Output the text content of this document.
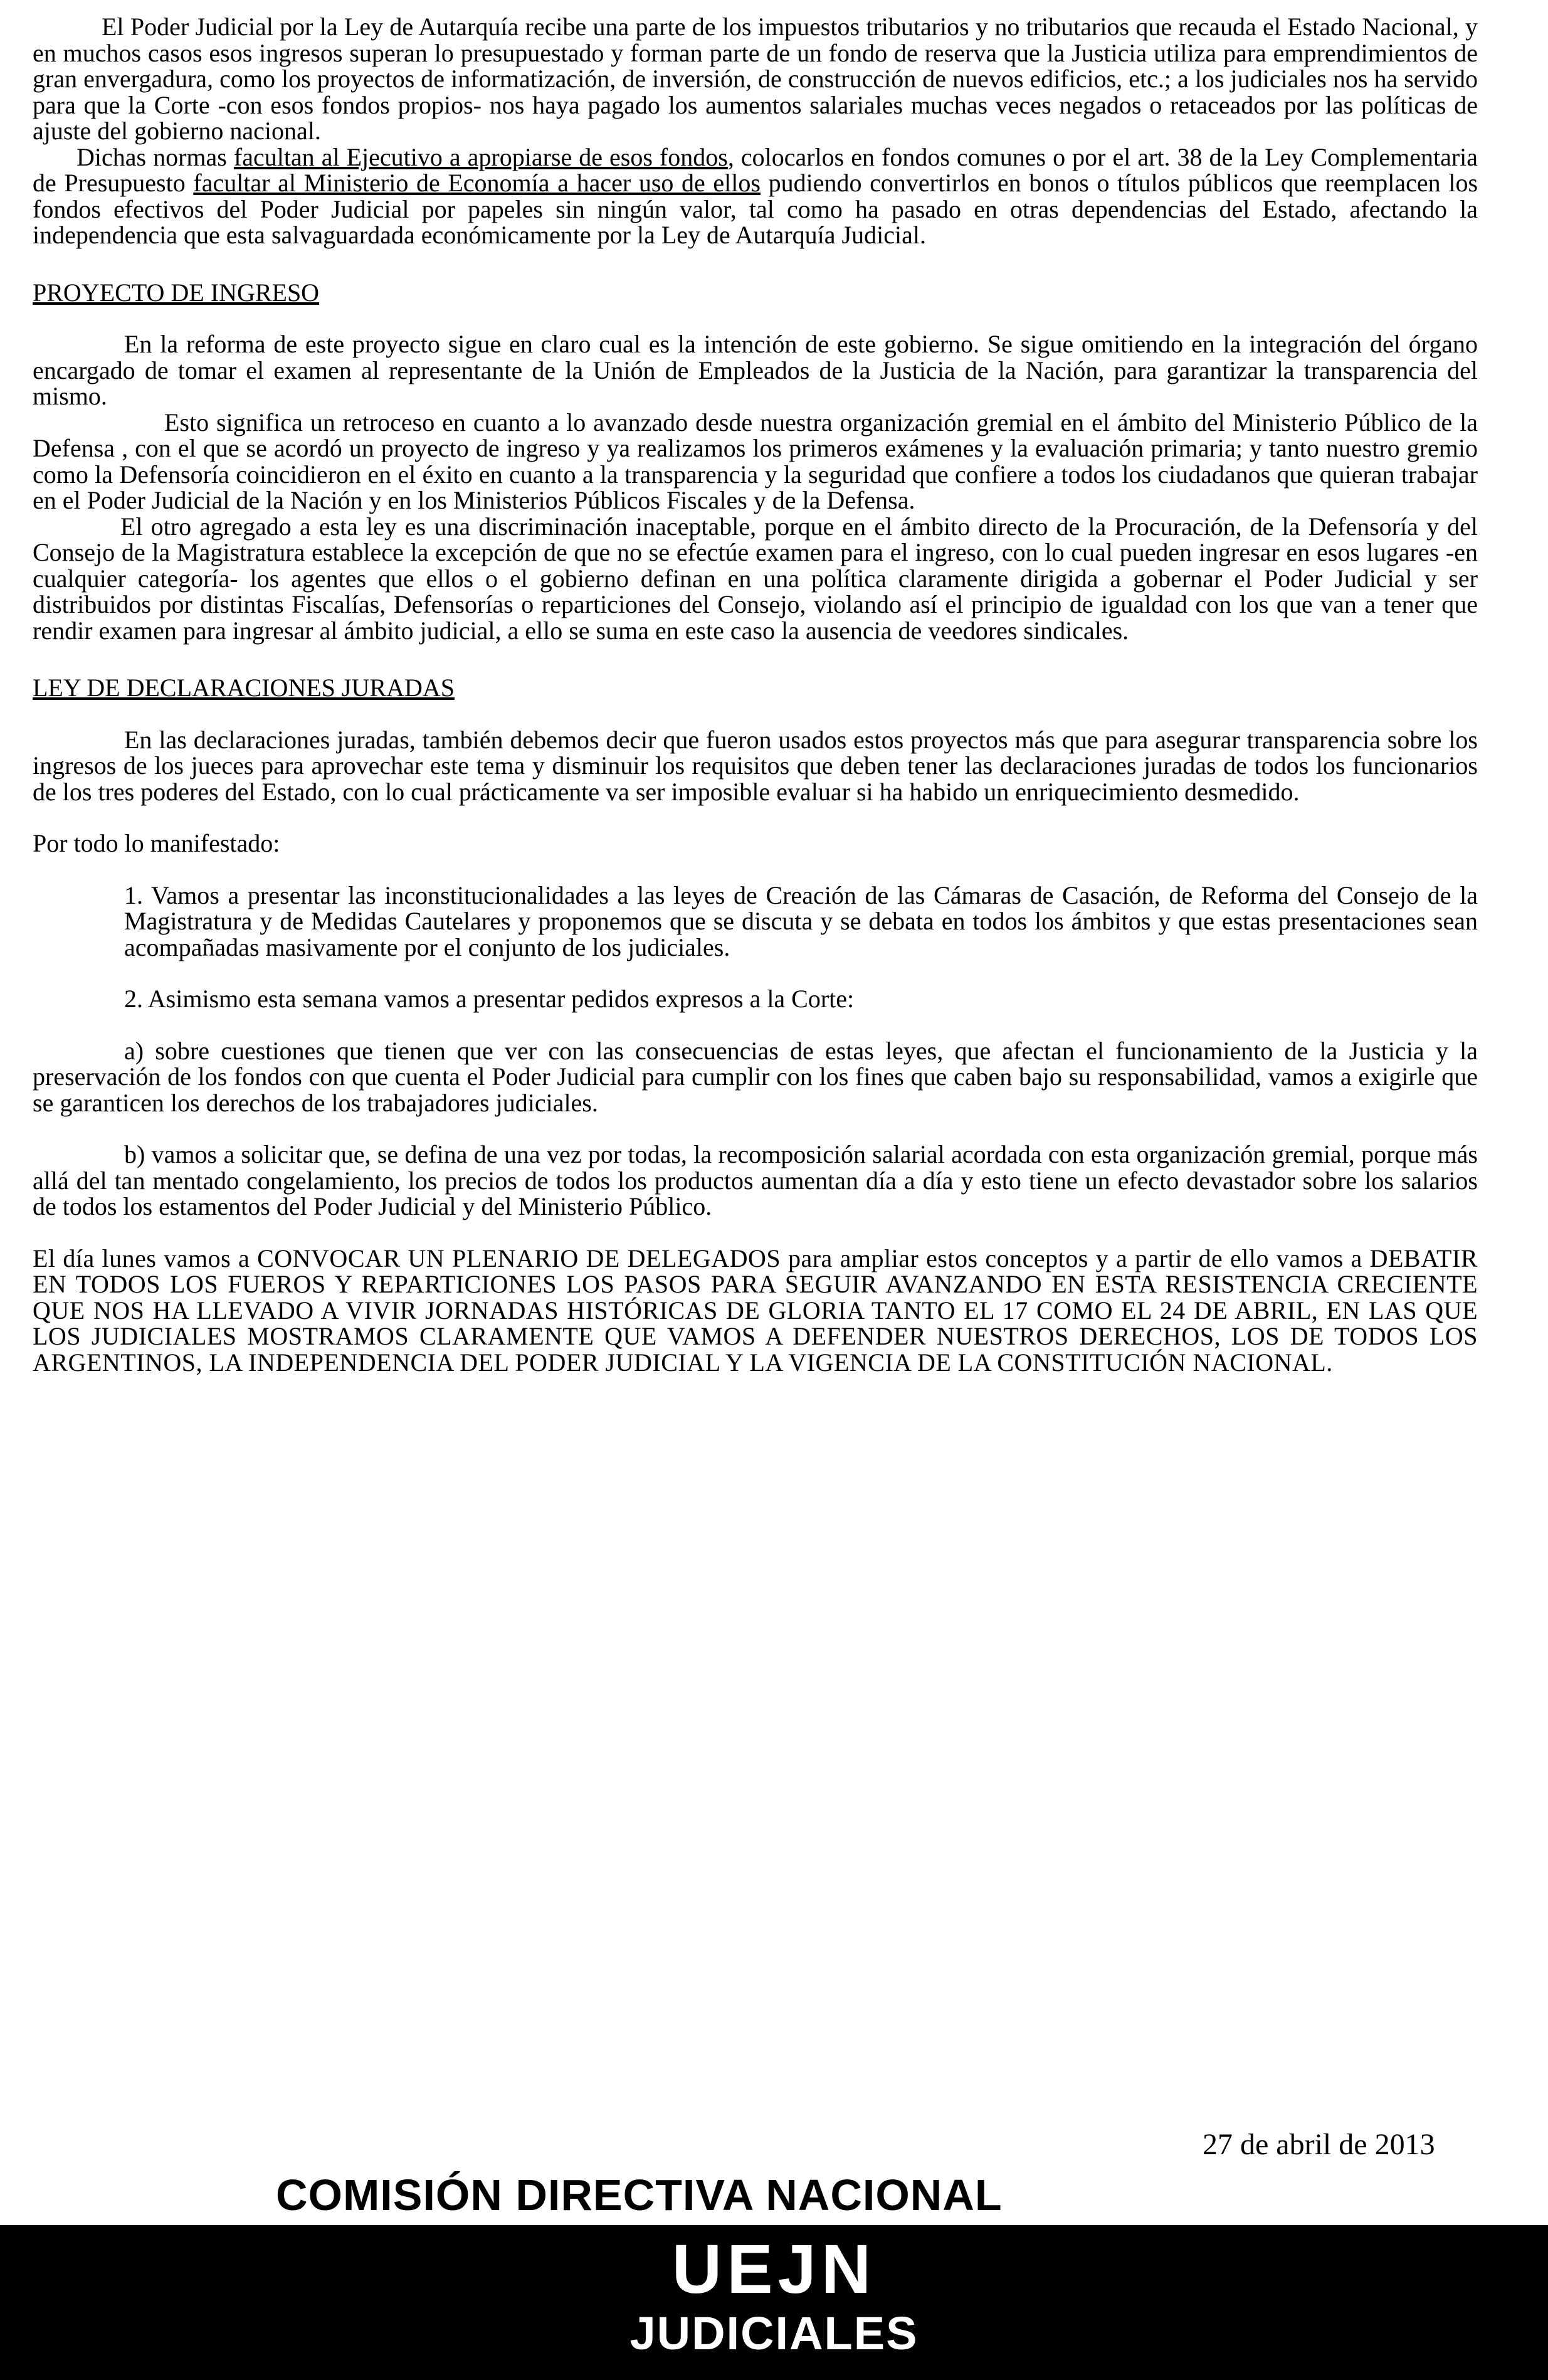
El Poder Judicial por la Ley de Autarquía recibe una parte de los impuestos tributarios y no tributarios que recauda el Estado Nacional, y en muchos casos esos ingresos superan lo presupuestado y forman parte de un fondo de reserva que la Justicia utiliza para emprendimientos de gran envergadura, como los proyectos de informatización, de inversión, de construcción de nuevos edificios, etc.; a los judiciales nos ha servido para que la Corte -con esos fondos propios- nos haya pagado los aumentos salariales muchas veces negados o retaceados por las políticas de ajuste del gobierno nacional.

Dichas normas facultan al Ejecutivo a apropiarse de esos fondos, colocarlos en fondos comunes o por el art. 38 de la Ley Complementaria de Presupuesto facultar al Ministerio de Economía a hacer uso de ellos pudiendo convertirlos en bonos o títulos públicos que reemplacen los fondos efectivos del Poder Judicial por papeles sin ningún valor, tal como ha pasado en otras dependencias del Estado, afectando la independencia que esta salvaguardada económicamente por la Ley de Autarquía Judicial.

PROYECTO DE INGRESO

En la reforma de este proyecto sigue en claro cual es la intención de este gobierno. Se sigue omitiendo en la integración del órgano encargado de tomar el examen al representante de la Unión de Empleados de la Justicia de la Nación, para garantizar la transparencia del mismo.

Esto significa un retroceso en cuanto a lo avanzado desde nuestra organización gremial en el ámbito del Ministerio Público de la Defensa , con el que se acordó un proyecto de ingreso y ya realizamos los primeros exámenes y la evaluación primaria; y tanto nuestro gremio como la Defensoría coincidieron en el éxito en cuanto a la transparencia y la seguridad que confiere a todos los ciudadanos que quieran trabajar en el Poder Judicial de la Nación y en los Ministerios Públicos Fiscales y de la Defensa.

El otro agregado a esta ley es una discriminación inaceptable, porque en el ámbito directo de la Procuración, de la Defensoría y del Consejo de la Magistratura establece la excepción de que no se efectúe examen para el ingreso, con lo cual pueden ingresar en esos lugares -en cualquier categoría- los agentes que ellos o el gobierno definan en una política claramente dirigida a gobernar el Poder Judicial y ser distribuidos por distintas Fiscalías, Defensorías o reparticiones del Consejo, violando así el principio de igualdad con los que van a tener que rendir examen para ingresar al ámbito judicial, a ello se suma en este caso la ausencia de veedores sindicales.

LEY DE DECLARACIONES JURADAS

En las declaraciones juradas, también debemos decir que fueron usados estos proyectos más que para asegurar transparencia sobre los ingresos de los jueces para aprovechar este tema y disminuir los requisitos que deben tener las declaraciones juradas de todos los funcionarios de los tres poderes del Estado, con lo cual prácticamente va ser imposible evaluar si ha habido un enriquecimiento desmedido.

Por todo lo manifestado:

1. Vamos a presentar las inconstitucionalidades a las leyes de Creación de las Cámaras de Casación, de Reforma del Consejo de la Magistratura y de Medidas Cautelares y proponemos que se discuta y se debata en todos los ámbitos y que estas presentaciones sean acompañadas masivamente por el conjunto de los judiciales.

2. Asimismo esta semana vamos a presentar pedidos expresos a la Corte:

a) sobre cuestiones que tienen que ver con las consecuencias de estas leyes, que afectan el funcionamiento de la Justicia y la preservación de los fondos con que cuenta el Poder Judicial para cumplir con los fines que caben bajo su responsabilidad, vamos a exigirle que se garanticen los derechos de los trabajadores judiciales.

b) vamos a solicitar que, se defina de una vez por todas, la recomposición salarial acordada con esta organización gremial, porque más allá del tan mentado congelamiento, los precios de todos los productos aumentan día a día y esto tiene un efecto devastador sobre los salarios de todos los estamentos del Poder Judicial y del Ministerio Público.

El día lunes vamos a CONVOCAR UN PLENARIO DE DELEGADOS para ampliar estos conceptos y a partir de ello vamos a DEBATIR EN TODOS LOS FUEROS Y REPARTICIONES LOS PASOS PARA SEGUIR AVANZANDO EN ESTA RESISTENCIA CRECIENTE QUE NOS HA LLEVADO A VIVIR JORNADAS HISTÓRICAS DE GLORIA TANTO EL 17 COMO EL 24 DE ABRIL, EN LAS QUE LOS JUDICIALES MOSTRAMOS CLARAMENTE QUE VAMOS A DEFENDER NUESTROS DERECHOS, LOS DE TODOS LOS ARGENTINOS, LA INDEPENDENCIA DEL PODER JUDICIAL Y LA VIGENCIA DE LA CONSTITUCIÓN NACIONAL.

27 de abril de 2013
COMISIÓN DIRECTIVA NACIONAL
UEJN
JUDICIALES
